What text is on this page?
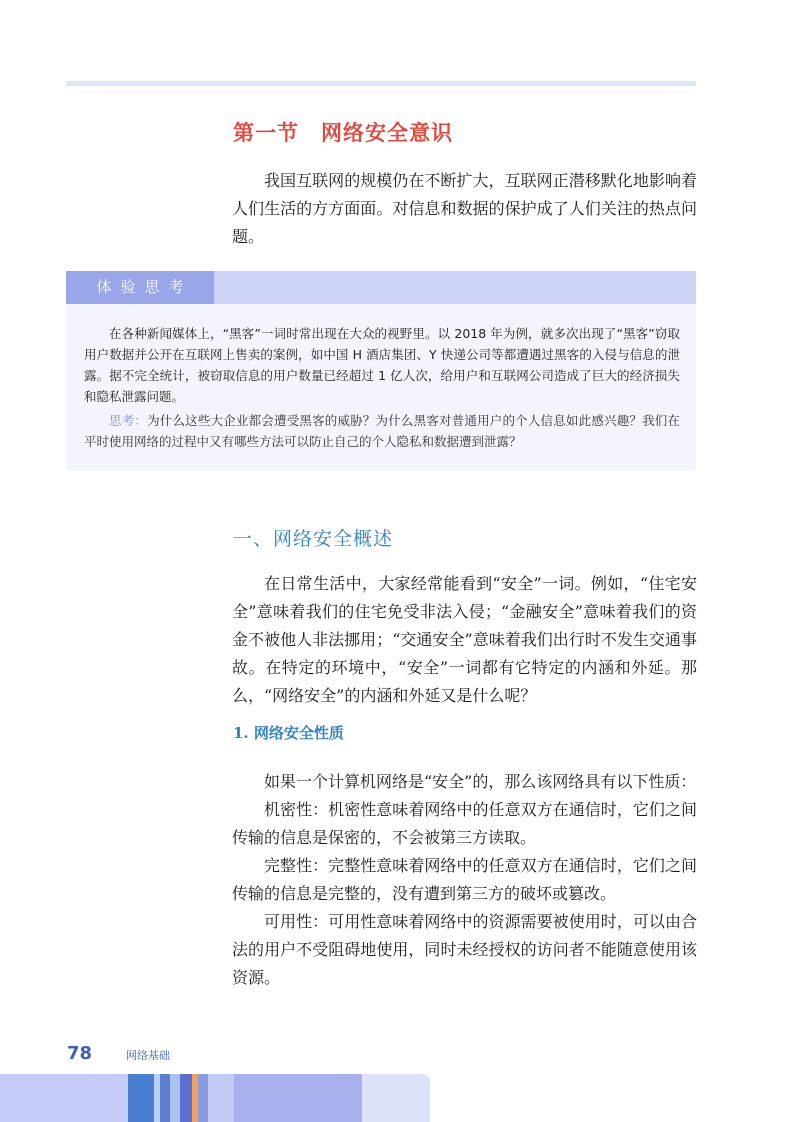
第一节 网络安全意识

我国互联网的规模仍在不断扩大，互联网正潜移默化地影响着人们生活的方方面面。对信息和数据的保护成了人们关注的热点问题。

体验思考

在各种新闻媒体上，“黑客”一词时常出现在大众的视野里。以 2018 年为例，就多次出现了“黑客”窃取用户数据并公开在互联网上售卖的案例，如中国 H 酒店集团、Y 快递公司等都遭遇过黑客的入侵与信息的泄露。据不完全统计，被窃取信息的用户数量已经超过 1 亿人次，给用户和互联网公司造成了巨大的经济损失和隐私泄露问题。

思考：为什么这些大企业都会遭受黑客的威胁？为什么黑客对普通用户的个人信息如此感兴趣？我们在平时使用网络的过程中又有哪些方法可以防止自己的个人隐私和数据遭到泄露？

一、网络安全概述

在日常生活中，大家经常能看到“安全”一词。例如，“住宅安全”意味着我们的住宅免受非法入侵；“金融安全”意味着我们的资金不被他人非法挪用；“交通安全”意味着我们出行时不发生交通事故。在特定的环境中，“安全”一词都有它特定的内涵和外延。那么，“网络安全”的内涵和外延又是什么呢？

1. 网络安全性质

如果一个计算机网络是“安全”的，那么该网络具有以下性质：

机密性：机密性意味着网络中的任意双方在通信时，它们之间传输的信息是保密的，不会被第三方读取。

完整性：完整性意味着网络中的任意双方在通信时，它们之间传输的信息是完整的，没有遭到第三方的破坏或篡改。

可用性：可用性意味着网络中的资源需要被使用时，可以由合法的用户不受阻碍地使用，同时未经授权的访问者不能随意使用该资源。

78	网络基础
